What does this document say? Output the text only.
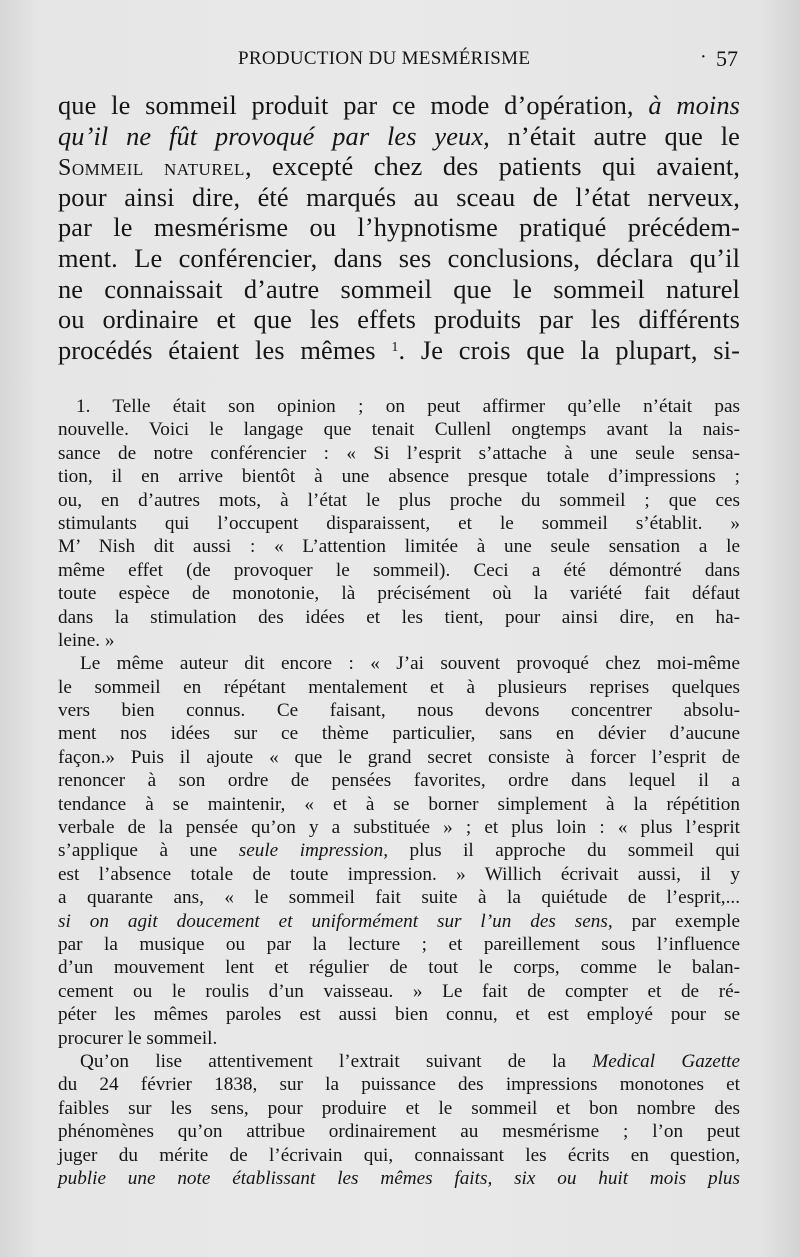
PRODUCTION DU MESMÉRISME	· 57
que le sommeil produit par ce mode d’opération, à moins
qu’il ne fût provoqué par les yeux, n’était autre que le
Sommeil naturel, excepté chez des patients qui avaient,
pour ainsi dire, été marqués au sceau de l’état nerveux,
par le mesmérisme ou l’hypnotisme pratiqué précédem-
ment. Le conférencier, dans ses conclusions, déclara qu’il
ne connaissait d’autre sommeil que le sommeil naturel
ou ordinaire et que les effets produits par les différents
procédés étaient les mêmes $^1$. Je crois que la plupart, si-
1. Telle était son opinion ; on peut affirmer qu’elle n’était pas
nouvelle. Voici le langage que tenait Cullenl ongtemps avant la nais-
sance de notre conférencier : « Si l’esprit s’attache à une seule sensa-
tion, il en arrive bientôt à une absence presque totale d’impressions ;
ou, en d’autres mots, à l’état le plus proche du sommeil ; que ces
stimulants qui l’occupent disparaissent, et le sommeil s’établit. »
M’ Nish dit aussi : « L’attention limitée à une seule sensation a le
même effet (de provoquer le sommeil). Ceci a été démontré dans
toute espèce de monotonie, là précisément où la variété fait défaut
dans la stimulation des idées et les tient, pour ainsi dire, en ha-
leine. »
Le même auteur dit encore : « J’ai souvent provoqué chez moi-même
le sommeil en répétant mentalement et à plusieurs reprises quelques
vers bien connus. Ce faisant, nous devons concentrer absolu-
ment nos idées sur ce thème particulier, sans en dévier d’aucune
façon.» Puis il ajoute « que le grand secret consiste à forcer l’esprit de
renoncer à son ordre de pensées favorites, ordre dans lequel il a
tendance à se maintenir, « et à se borner simplement à la répétition
verbale de la pensée qu’on y a substituée » ; et plus loin : « plus l’esprit
s’applique à une seule impression, plus il approche du sommeil qui
est l’absence totale de toute impression. » Willich écrivait aussi, il y
a quarante ans, « le sommeil fait suite à la quiétude de l’esprit,...
si on agit doucement et uniformément sur l’un des sens, par exemple
par la musique ou par la lecture ; et pareillement sous l’influence
d’un mouvement lent et régulier de tout le corps, comme le balan-
cement ou le roulis d’un vaisseau. » Le fait de compter et de ré-
péter les mêmes paroles est aussi bien connu, et est employé pour se
procurer le sommeil.
Qu’on lise attentivement l’extrait suivant de la Medical Gazette
du 24 février 1838, sur la puissance des impressions monotones et
faibles sur les sens, pour produire et le sommeil et bon nombre des
phénomènes qu’on attribue ordinairement au mesmérisme ; l’on peut
juger du mérite de l’écrivain qui, connaissant les écrits en question,
publie une note établissant les mêmes faits, six ou huit mois plus
